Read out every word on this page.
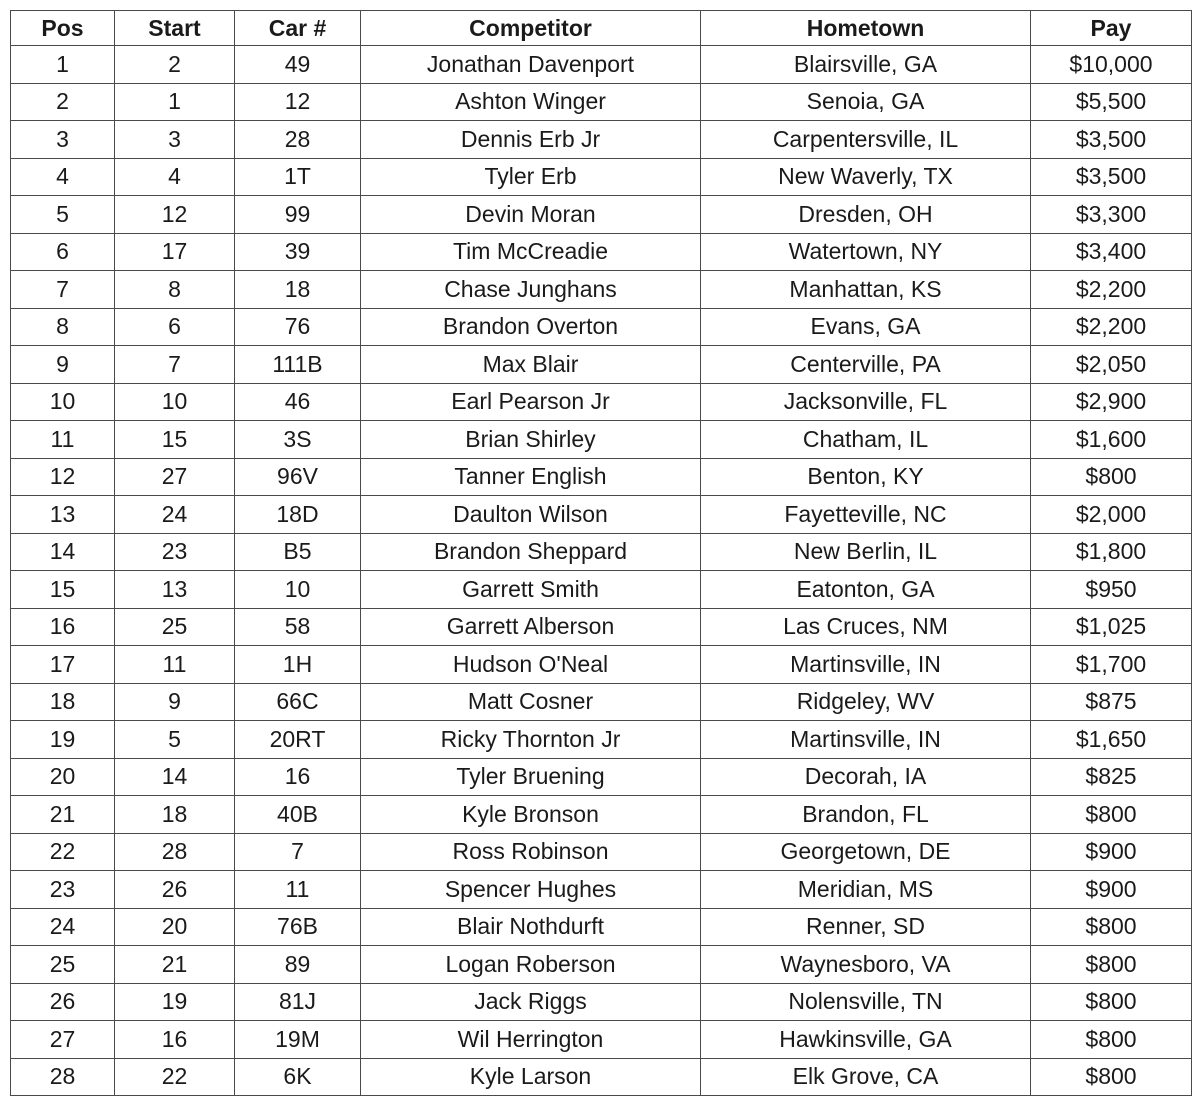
Pos	Start	Car #	Competitor	Hometown	Pay
1	2	49	Jonathan Davenport	Blairsville, GA	$10,000
2	1	12	Ashton Winger	Senoia, GA	$5,500
3	3	28	Dennis Erb Jr	Carpentersville, IL	$3,500
4	4	1T	Tyler Erb	New Waverly, TX	$3,500
5	12	99	Devin Moran	Dresden, OH	$3,300
6	17	39	Tim McCreadie	Watertown, NY	$3,400
7	8	18	Chase Junghans	Manhattan, KS	$2,200
8	6	76	Brandon Overton	Evans, GA	$2,200
9	7	111B	Max Blair	Centerville, PA	$2,050
10	10	46	Earl Pearson Jr	Jacksonville, FL	$2,900
11	15	3S	Brian Shirley	Chatham, IL	$1,600
12	27	96V	Tanner English	Benton, KY	$800
13	24	18D	Daulton Wilson	Fayetteville, NC	$2,000
14	23	B5	Brandon Sheppard	New Berlin, IL	$1,800
15	13	10	Garrett Smith	Eatonton, GA	$950
16	25	58	Garrett Alberson	Las Cruces, NM	$1,025
17	11	1H	Hudson O'Neal	Martinsville, IN	$1,700
18	9	66C	Matt Cosner	Ridgeley, WV	$875
19	5	20RT	Ricky Thornton Jr	Martinsville, IN	$1,650
20	14	16	Tyler Bruening	Decorah, IA	$825
21	18	40B	Kyle Bronson	Brandon, FL	$800
22	28	7	Ross Robinson	Georgetown, DE	$900
23	26	11	Spencer Hughes	Meridian, MS	$900
24	20	76B	Blair Nothdurft	Renner, SD	$800
25	21	89	Logan Roberson	Waynesboro, VA	$800
26	19	81J	Jack Riggs	Nolensville, TN	$800
27	16	19M	Wil Herrington	Hawkinsville, GA	$800
28	22	6K	Kyle Larson	Elk Grove, CA	$800
